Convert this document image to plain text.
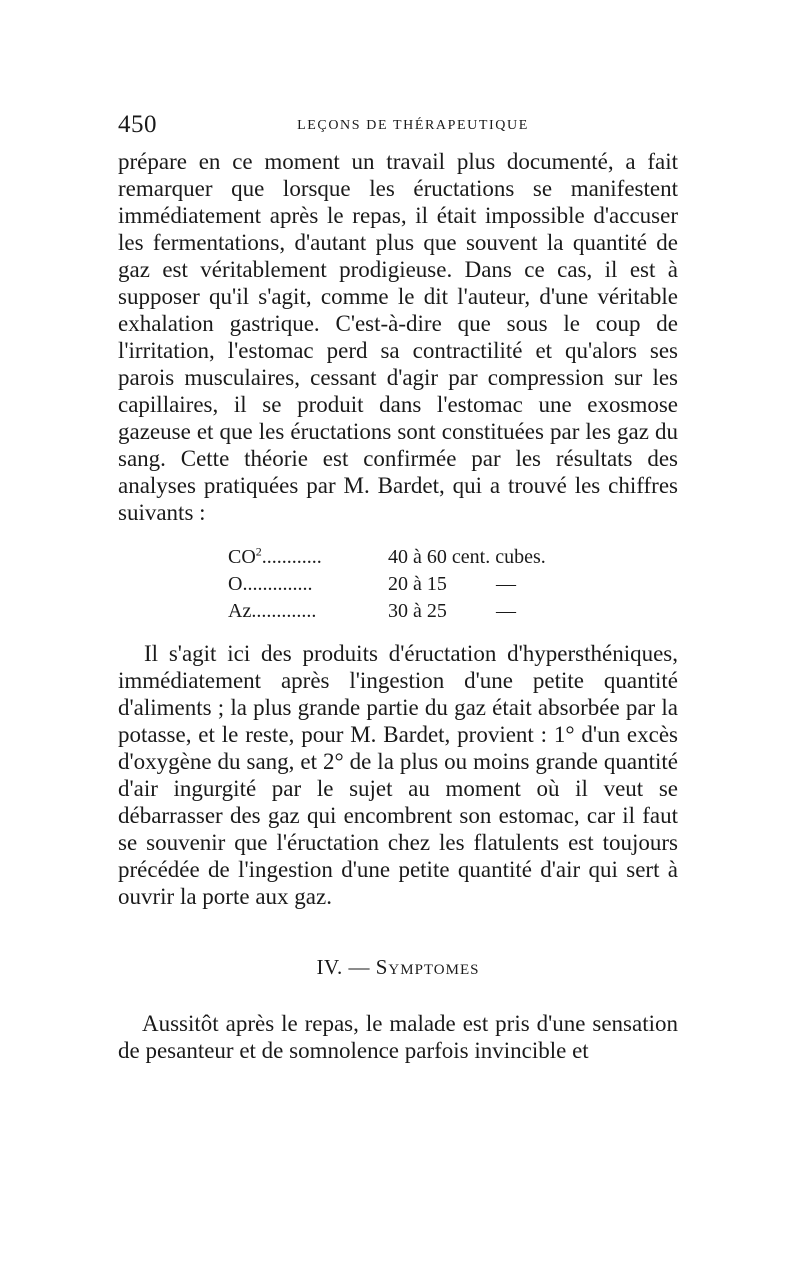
450	LEÇONS DE THÉRAPEUTIQUE

prépare en ce moment un travail plus documenté, a fait remarquer que lorsque les éructations se manifestent immédiatement après le repas, il était impossible d'accuser les fermentations, d'autant plus que souvent la quantité de gaz est véritablement prodigieuse. Dans ce cas, il est à supposer qu'il s'agit, comme le dit l'auteur, d'une véritable exhalation gastrique. C'est-à-dire que sous le coup de l'irritation, l'estomac perd sa contractilité et qu'alors ses parois musculaires, cessant d'agir par compression sur les capillaires, il se produit dans l'estomac une exosmose gazeuse et que les éructations sont constituées par les gaz du sang. Cette théorie est confirmée par les résultats des analyses pratiquées par M. Bardet, qui a trouvé les chiffres suivants :

$CO^2$............	40 à 60 cent. cubes.
O..............	20 à 15 —
Az.............	30 à 25 —

Il s'agit ici des produits d'éructation d'hypersthéniques, immédiatement après l'ingestion d'une petite quantité d'aliments ; la plus grande partie du gaz était absorbée par la potasse, et le reste, pour M. Bardet, provient : 1° d'un excès d'oxygène du sang, et 2° de la plus ou moins grande quantité d'air ingurgité par le sujet au moment où il veut se débarrasser des gaz qui encombrent son estomac, car il faut se souvenir que l'éructation chez les flatulents est toujours précédée de l'ingestion d'une petite quantité d'air qui sert à ouvrir la porte aux gaz.

IV. — Symptomes

Aussitôt après le repas, le malade est pris d'une sensation de pesanteur et de somnolence parfois invincible et
